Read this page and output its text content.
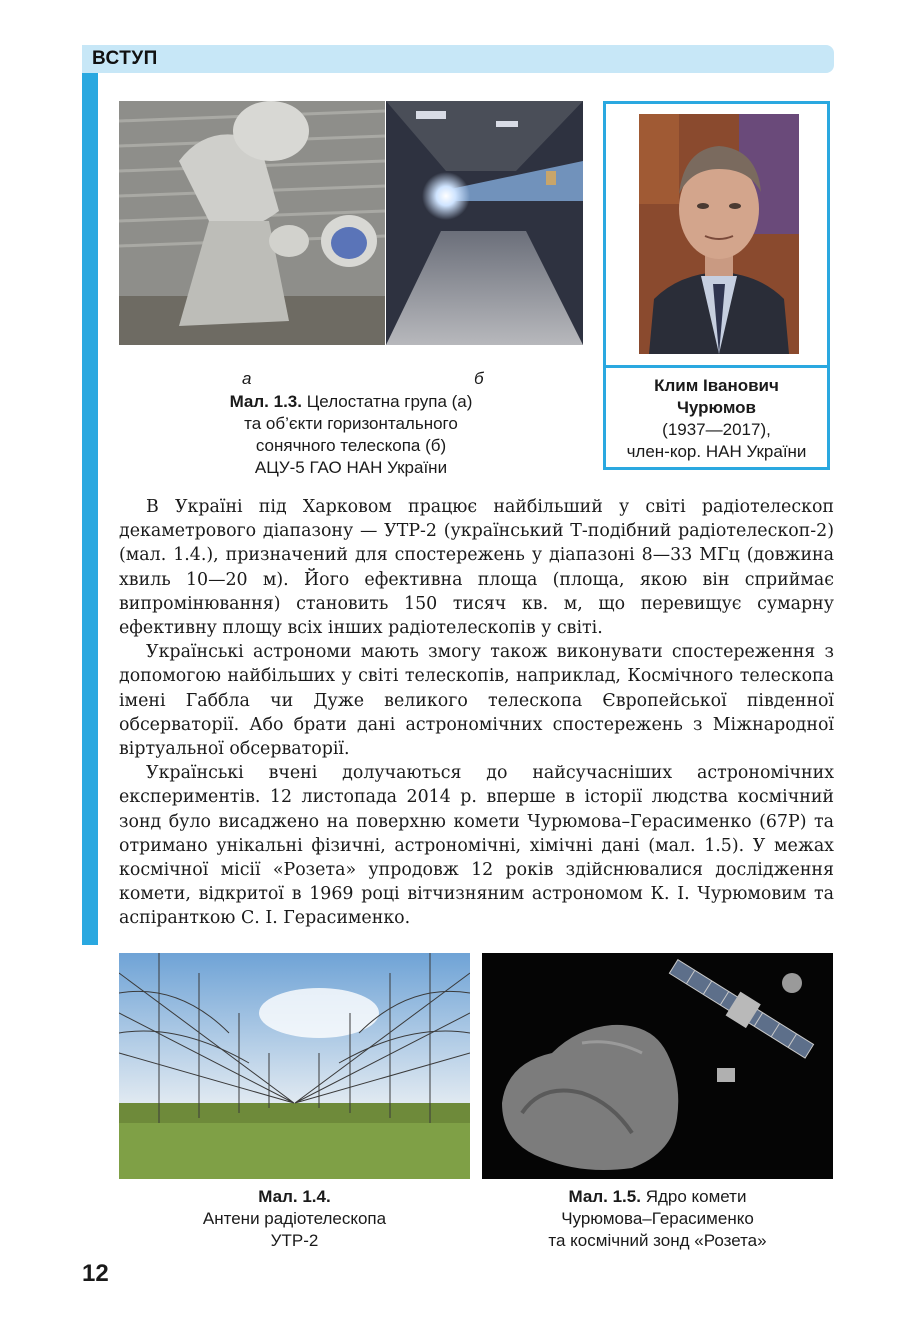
ВСТУП
а	б
Мал. 1.3. Целостатна група (а)
та об’єкти горизонтального
сонячного телескопа (б)
АЦУ-5 ГАО НАН України
Клим Іванович
Чурюмов
(1937—2017),
член-кор. НАН України

В Україні під Харковом працює найбільший у світі радіотелескоп декаметрового діапазону — УТР-2 (український Т-подібний радіотелескоп-2) (мал. 1.4.), призначений для спостережень у діапазоні 8—33 МГц (довжина хвиль 10—20 м). Його ефективна площа (площа, якою він сприймає випромінювання) становить 150 тисяч кв. м, що перевищує сумарну ефективну площу всіх інших радіотелескопів у світі.

Українські астрономи мають змогу також виконувати спостереження з допомогою найбільших у світі телескопів, наприклад, Космічного телескопа імені Габбла чи Дуже великого телескопа Європейської південної обсерваторії. Або брати дані астрономічних спостережень з Міжнародної віртуальної обсерваторії.

Українські вчені долучаються до найсучасніших астрономічних експериментів. 12 листопада 2014 р. вперше в історії людства космічний зонд було висаджено на поверхню комети Чурюмова–Герасименко (67P) та отримано унікальні фізичні, астрономічні, хімічні дані (мал. 1.5). У межах космічної місії «Розета» упродовж 12 років здійснювалися дослідження комети, відкритої в 1969 році вітчизняним астрономом К. І. Чурюмовим та аспіранткою С. І. Герасименко.

Мал. 1.4.
Антени радіотелескопа
УТР-2
Мал. 1.5. Ядро комети
Чурюмова–Герасименко
та космічний зонд «Розета»
12
